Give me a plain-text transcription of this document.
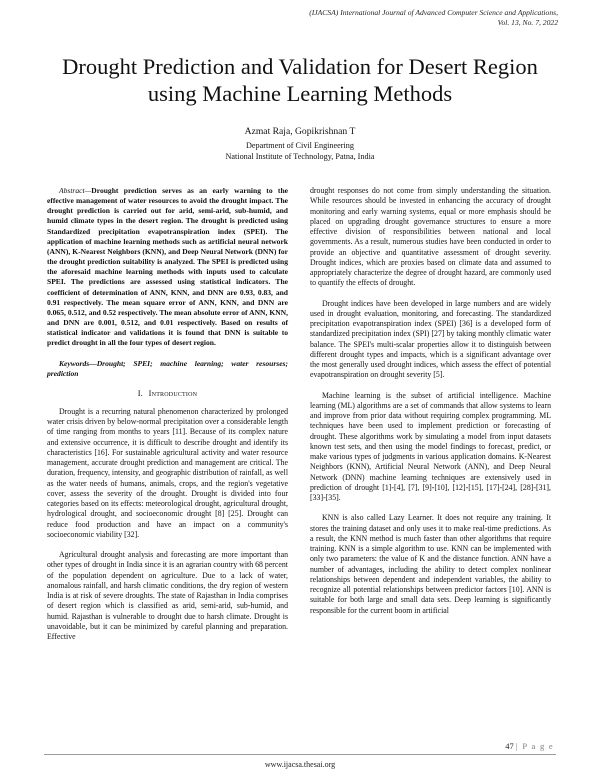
(IJACSA) International Journal of Advanced Computer Science and Applications,
Vol. 13, No. 7, 2022
Drought Prediction and Validation for Desert Region
using Machine Learning Methods
Azmat Raja, Gopikrishnan T
Department of Civil Engineering
National Institute of Technology, Patna, India

Abstract—Drought prediction serves as an early warning to the effective management of water resources to avoid the drought impact. The drought prediction is carried out for arid, semi-arid, sub-humid, and humid climate types in the desert region. The drought is predicted using Standardized precipitation evapotranspiration index (SPEI). The application of machine learning methods such as artificial neural network (ANN), K-Nearest Neighbors (KNN), and Deep Neural Network (DNN) for the drought prediction suitability is analyzed. The SPEI is predicted using the aforesaid machine learning methods with inputs used to calculate SPEI. The predictions are assessed using statistical indicators. The coefficient of determination of ANN, KNN, and DNN are 0.93, 0.83, and 0.91 respectively. The mean square error of ANN, KNN, and DNN are 0.065, 0.512, and 0.52 respectively. The mean absolute error of ANN, KNN, and DNN are 0.001, 0.512, and 0.01 respectively. Based on results of statistical indicator and validations it is found that DNN is suitable to predict drought in all the four types of desert region.

Keywords—Drought; SPEI; machine learning; water resourses; prediction

I. Introduction

Drought is a recurring natural phenomenon characterized by prolonged water crisis driven by below-normal precipitation over a considerable length of time ranging from months to years [11]. Because of its complex nature and extensive occurrence, it is difficult to describe drought and identify its characteristics [16]. For sustainable agricultural activity and water resource management, accurate drought prediction and management are critical. The duration, frequency, intensity, and geographic distribution of rainfall, as well as the water needs of humans, animals, crops, and the region's vegetative cover, assess the severity of the drought. Drought is divided into four categories based on its effects: meteorological drought, agricultural drought, hydrological drought, and socioeconomic drought [8] [25]. Drought can reduce food production and have an impact on a community's socioeconomic viability [32].

Agricultural drought analysis and forecasting are more important than other types of drought in India since it is an agrarian country with 68 percent of the population dependent on agriculture. Due to a lack of water, anomalous rainfall, and harsh climatic conditions, the dry region of western India is at risk of severe droughts. The state of Rajasthan in India comprises of desert region which is classified as arid, semi-arid, sub-humid, and humid. Rajasthan is vulnerable to drought due to harsh climate. Drought is unavoidable, but it can be minimized by careful planning and preparation. Effective

drought responses do not come from simply understanding the situation. While resources should be invested in enhancing the accuracy of drought monitoring and early warning systems, equal or more emphasis should be placed on upgrading drought governance structures to ensure a more effective division of responsibilities between national and local governments. As a result, numerous studies have been conducted in order to provide an objective and quantitative assessment of drought severity. Drought indices, which are proxies based on climate data and assumed to appropriately characterize the degree of drought hazard, are commonly used to quantify the effects of drought.

Drought indices have been developed in large numbers and are widely used in drought evaluation, monitoring, and forecasting. The standardized precipitation evapotranspiration index (SPEI) [36] is a developed form of standardized precipitation index (SPI) [27] by taking monthly climatic water balance. The SPEI's multi-scalar properties allow it to distinguish between different drought types and impacts, which is a significant advantage over the most generally used drought indices, which assess the effect of potential evapotranspiration on drought severity [5].

Machine learning is the subset of artificial intelligence. Machine learning (ML) algorithms are a set of commands that allow systems to learn and improve from prior data without requiring complex programming. ML techniques have been used to implement prediction or forecasting of drought. These algorithms work by simulating a model from input datasets known test sets, and then using the model findings to forecast, predict, or make various types of judgments in various application domains. K-Nearest Neighbors (KNN), Artificial Neural Network (ANN), and Deep Neural Network (DNN) machine learning techniques are extensively used in prediction of drought [1]-[4], [7], [9]-[10], [12]-[15], [17]-[24], [28]-[31], [33]-[35].

KNN is also called Lazy Learner. It does not require any training. It stores the training dataset and only uses it to make real-time predictions. As a result, the KNN method is much faster than other algorithms that require training. KNN is a simple algorithm to use. KNN can be implemented with only two parameters: the value of K and the distance function. ANN have a number of advantages, including the ability to detect complex nonlinear relationships between dependent and independent variables, the ability to recognize all potential relationships between predictor factors [10]. ANN is suitable for both large and small data sets. Deep learning is significantly responsible for the current boom in artificial

47 | P a g e
www.ijacsa.thesai.org
